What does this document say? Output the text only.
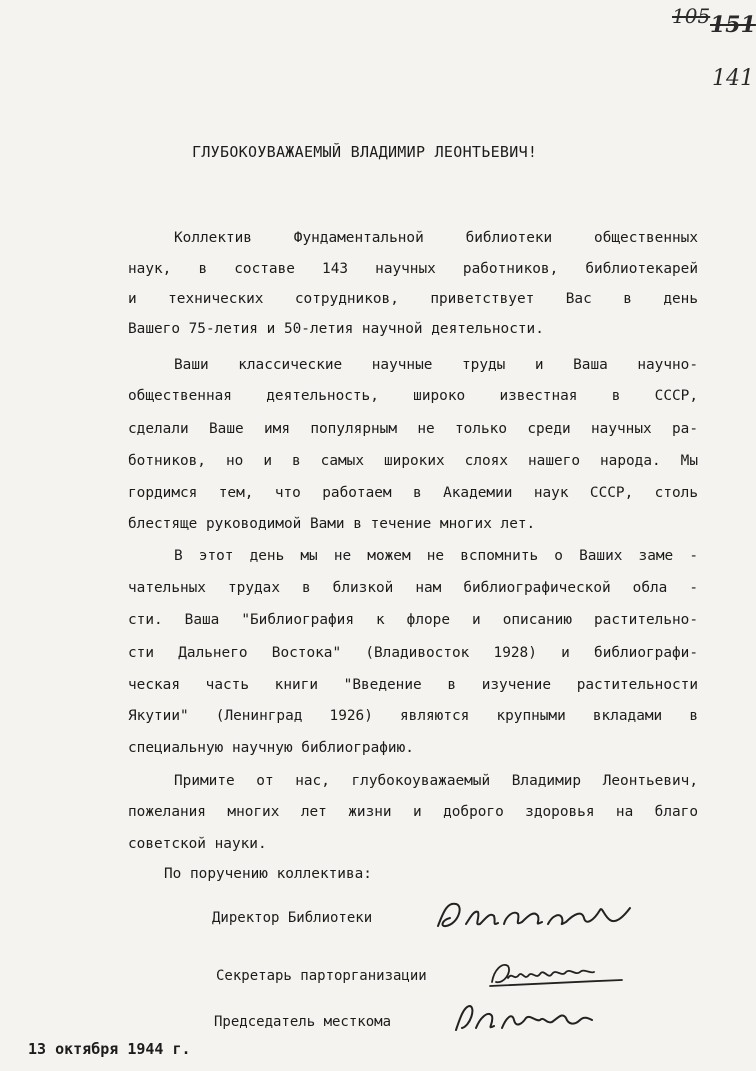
105 151
141
ГЛУБОКОУВАЖАЕМЫЙ ВЛАДИМИР ЛЕОНТЬЕВИЧ!
Коллектив Фундаментальной библиотеки общественных
наук, в составе 143 научных работников, библиотекарей
и технических сотрудников, приветствует Вас в день
Вашего 75-летия и 50-летия научной деятельности.
Ваши классические научные труды и Ваша научно-
общественная деятельность, широко известная в СССР,
сделали Ваше имя популярным не только среди научных ра-
ботников, но и в самых широких слоях нашего народа. Мы
гордимся тем, что работаем в Академии наук СССР, столь
блестяще руководимой Вами в течение многих лет.
В этот день мы не можем не вспомнить о Ваших заме -
чательных трудах в близкой нам библиографической обла -
сти. Ваша "Библиография к флоре и описанию растительно-
сти Дальнего Востока" (Владивосток 1928) и библиографи-
ческая часть книги "Введение в изучение растительности
Якутии" (Ленинград 1926) являются крупными вкладами в
специальную научную библиографию.
Примите от нас, глубокоуважаемый Владимир Леонтьевич,
пожелания многих лет жизни и доброго здоровья на благо
советской науки.
По поручению коллектива:
Директор Библиотеки
Секретарь парторганизации
Председатель месткома
13 октября 1944 г.
